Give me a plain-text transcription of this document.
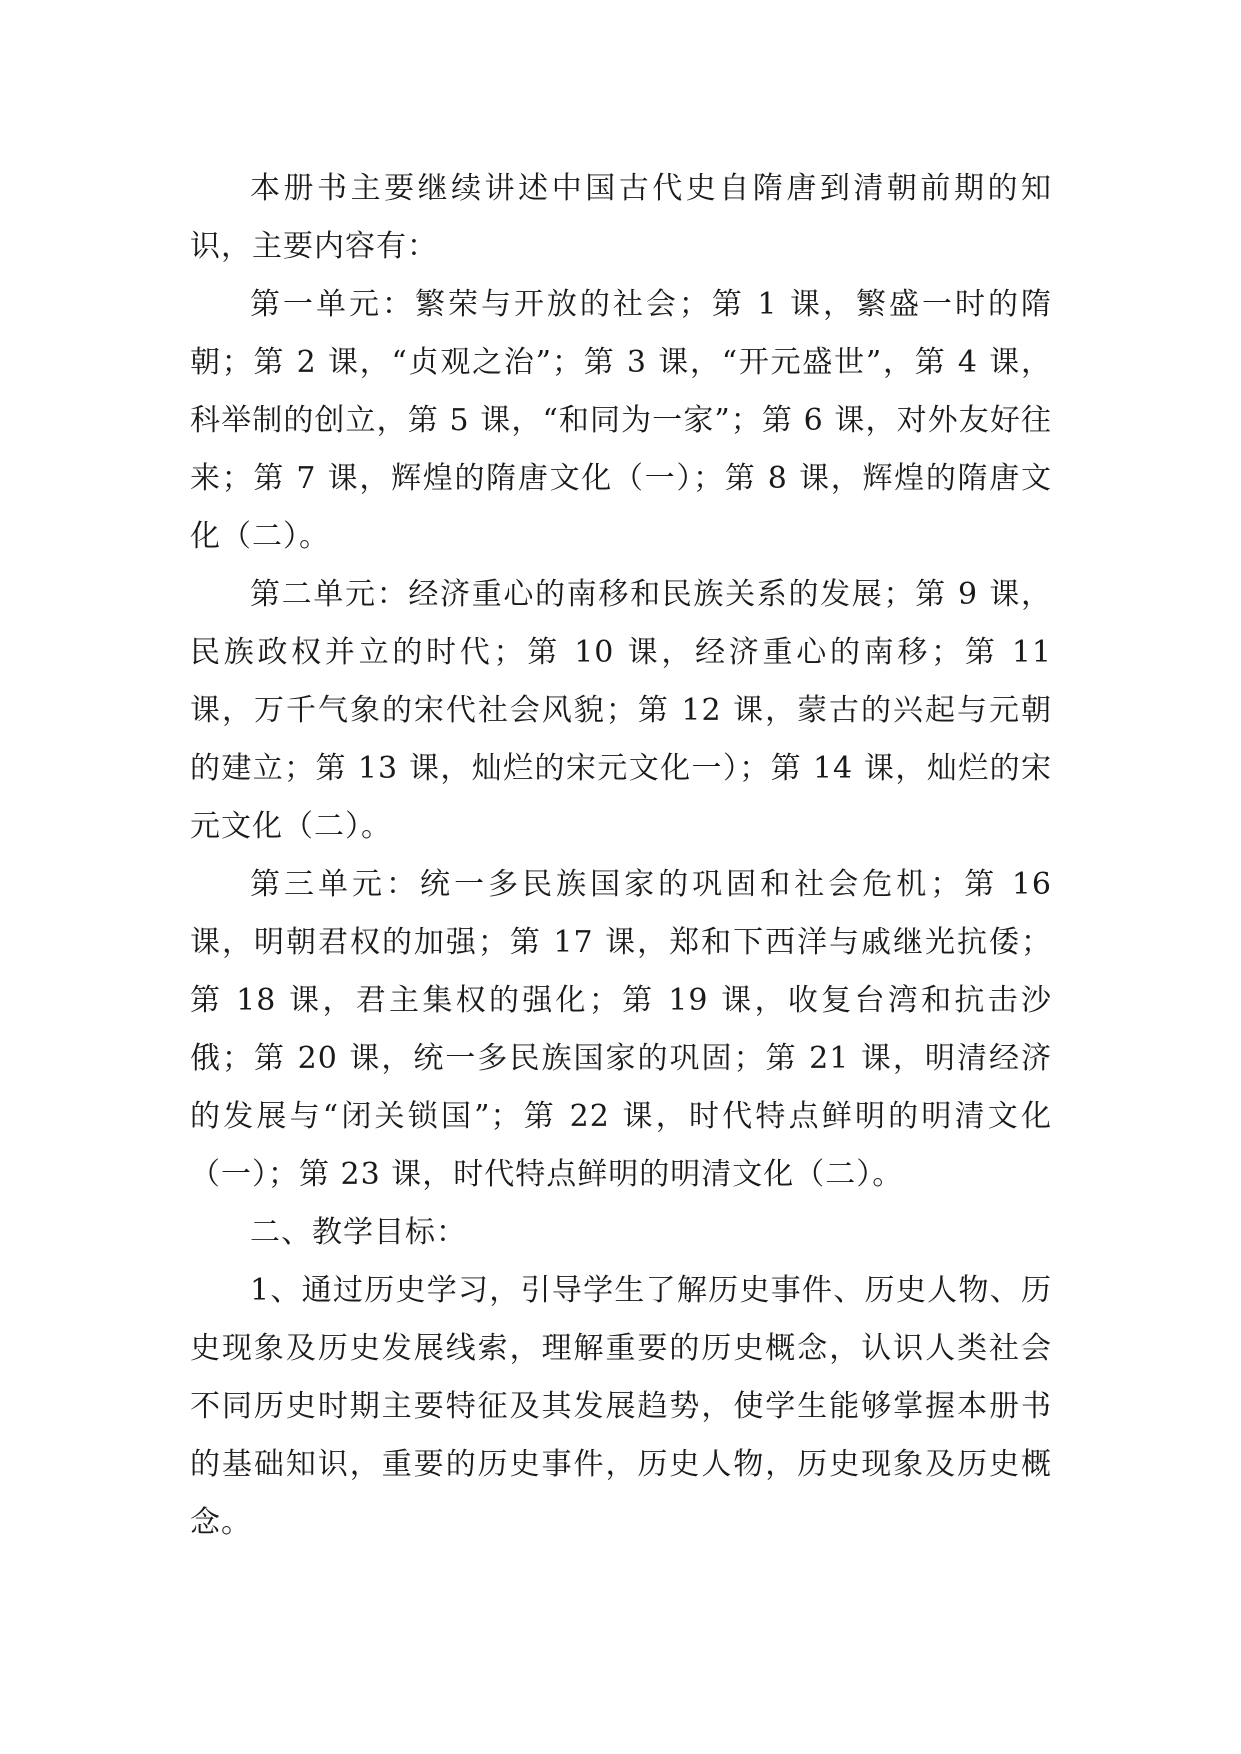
本册书主要继续讲述中国古代史自隋唐到清朝前期的知识，主要内容有：

第一单元：繁荣与开放的社会；第 1 课，繁盛一时的隋朝；第 2 课，“贞观之治”；第 3 课，“开元盛世”，第 4 课，科举制的创立，第 5 课，“和同为一家”；第 6 课，对外友好往来；第 7 课，辉煌的隋唐文化（一）；第 8 课，辉煌的隋唐文化（二）。

第二单元：经济重心的南移和民族关系的发展；第 9 课，民族政权并立的时代；第 10 课，经济重心的南移；第 11 课，万千气象的宋代社会风貌；第 12 课，蒙古的兴起与元朝的建立；第 13 课，灿烂的宋元文化一）；第 14 课，灿烂的宋元文化（二）。

第三单元：统一多民族国家的巩固和社会危机；第 16 课，明朝君权的加强；第 17 课，郑和下西洋与戚继光抗倭；第 18 课，君主集权的强化；第 19 课，收复台湾和抗击沙俄；第 20 课，统一多民族国家的巩固；第 21 课，明清经济的发展与“闭关锁国”；第 22 课，时代特点鲜明的明清文化（一）；第 23 课，时代特点鲜明的明清文化（二）。

二、教学目标：

1、通过历史学习，引导学生了解历史事件、历史人物、历史现象及历史发展线索，理解重要的历史概念，认识人类社会不同历史时期主要特征及其发展趋势，使学生能够掌握本册书的基础知识，重要的历史事件，历史人物，历史现象及历史概念。
